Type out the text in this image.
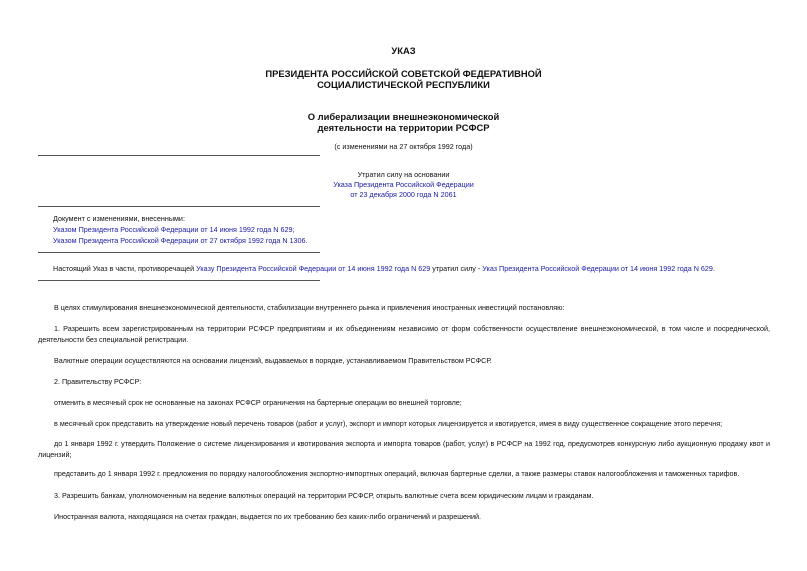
УКАЗ
ПРЕЗИДЕНТА РОССИЙСКОЙ СОВЕТСКОЙ ФЕДЕРАТИВНОЙ
СОЦИАЛИСТИЧЕСКОЙ РЕСПУБЛИКИ
О либерализации внешнеэкономической
деятельности на территории РСФСР
(с изменениями на 27 октября 1992 года)
Утратил силу на основании
Указа Президента Российской Федерации
от 23 декабря 2000 года N 2061
Документ с изменениями, внесенными:
Указом Президента Российской Федерации от 14 июня 1992 года N 629;
Указом Президента Российской Федерации от 27 октября 1992 года N 1306.
Настоящий Указ в части, противоречащей Указу Президента Российской Федерации от 14 июня 1992 года N 629 утратил силу - Указ Президента Российской Федерации от 14 июня 1992 года N 629.
В целях стимулирования внешнеэкономической деятельности, стабилизации внутреннего рынка и привлечения иностранных инвестиций постановляю:
1. Разрешить всем зарегистрированным на территории РСФСР предприятиям и их объединениям независимо от форм собственности осуществление внешнеэкономической, в том числе и посреднической, деятельности без специальной регистрации.
Валютные операции осуществляются на основании лицензий, выдаваемых в порядке, устанавливаемом Правительством РСФСР.
2. Правительству РСФСР:
отменить в месячный срок не основанные на законах РСФСР ограничения на бартерные операции во внешней торговле;
в месячный срок представить на утверждение новый перечень товаров (работ и услуг), экспорт и импорт которых лицензируется и квотируется, имея в виду существенное сокращение этого перечня;
до 1 января 1992 г. утвердить Положение о системе лицензирования и квотирования экспорта и импорта товаров (работ, услуг) в РСФСР на 1992 год, предусмотрев конкурсную либо аукционную продажу квот и лицензий;
представить до 1 января 1992 г. предложения по порядку налогообложения экспортно-импортных операций, включая бартерные сделки, а также размеры ставок налогообложения и таможенных тарифов.
3. Разрешить банкам, уполномоченным на ведение валютных операций на территории РСФСР, открыть валютные счета всем юридическим лицам и гражданам.
Иностранная валюта, находящаяся на счетах граждан, выдается по их требованию без каких-либо ограничений и разрешений.
